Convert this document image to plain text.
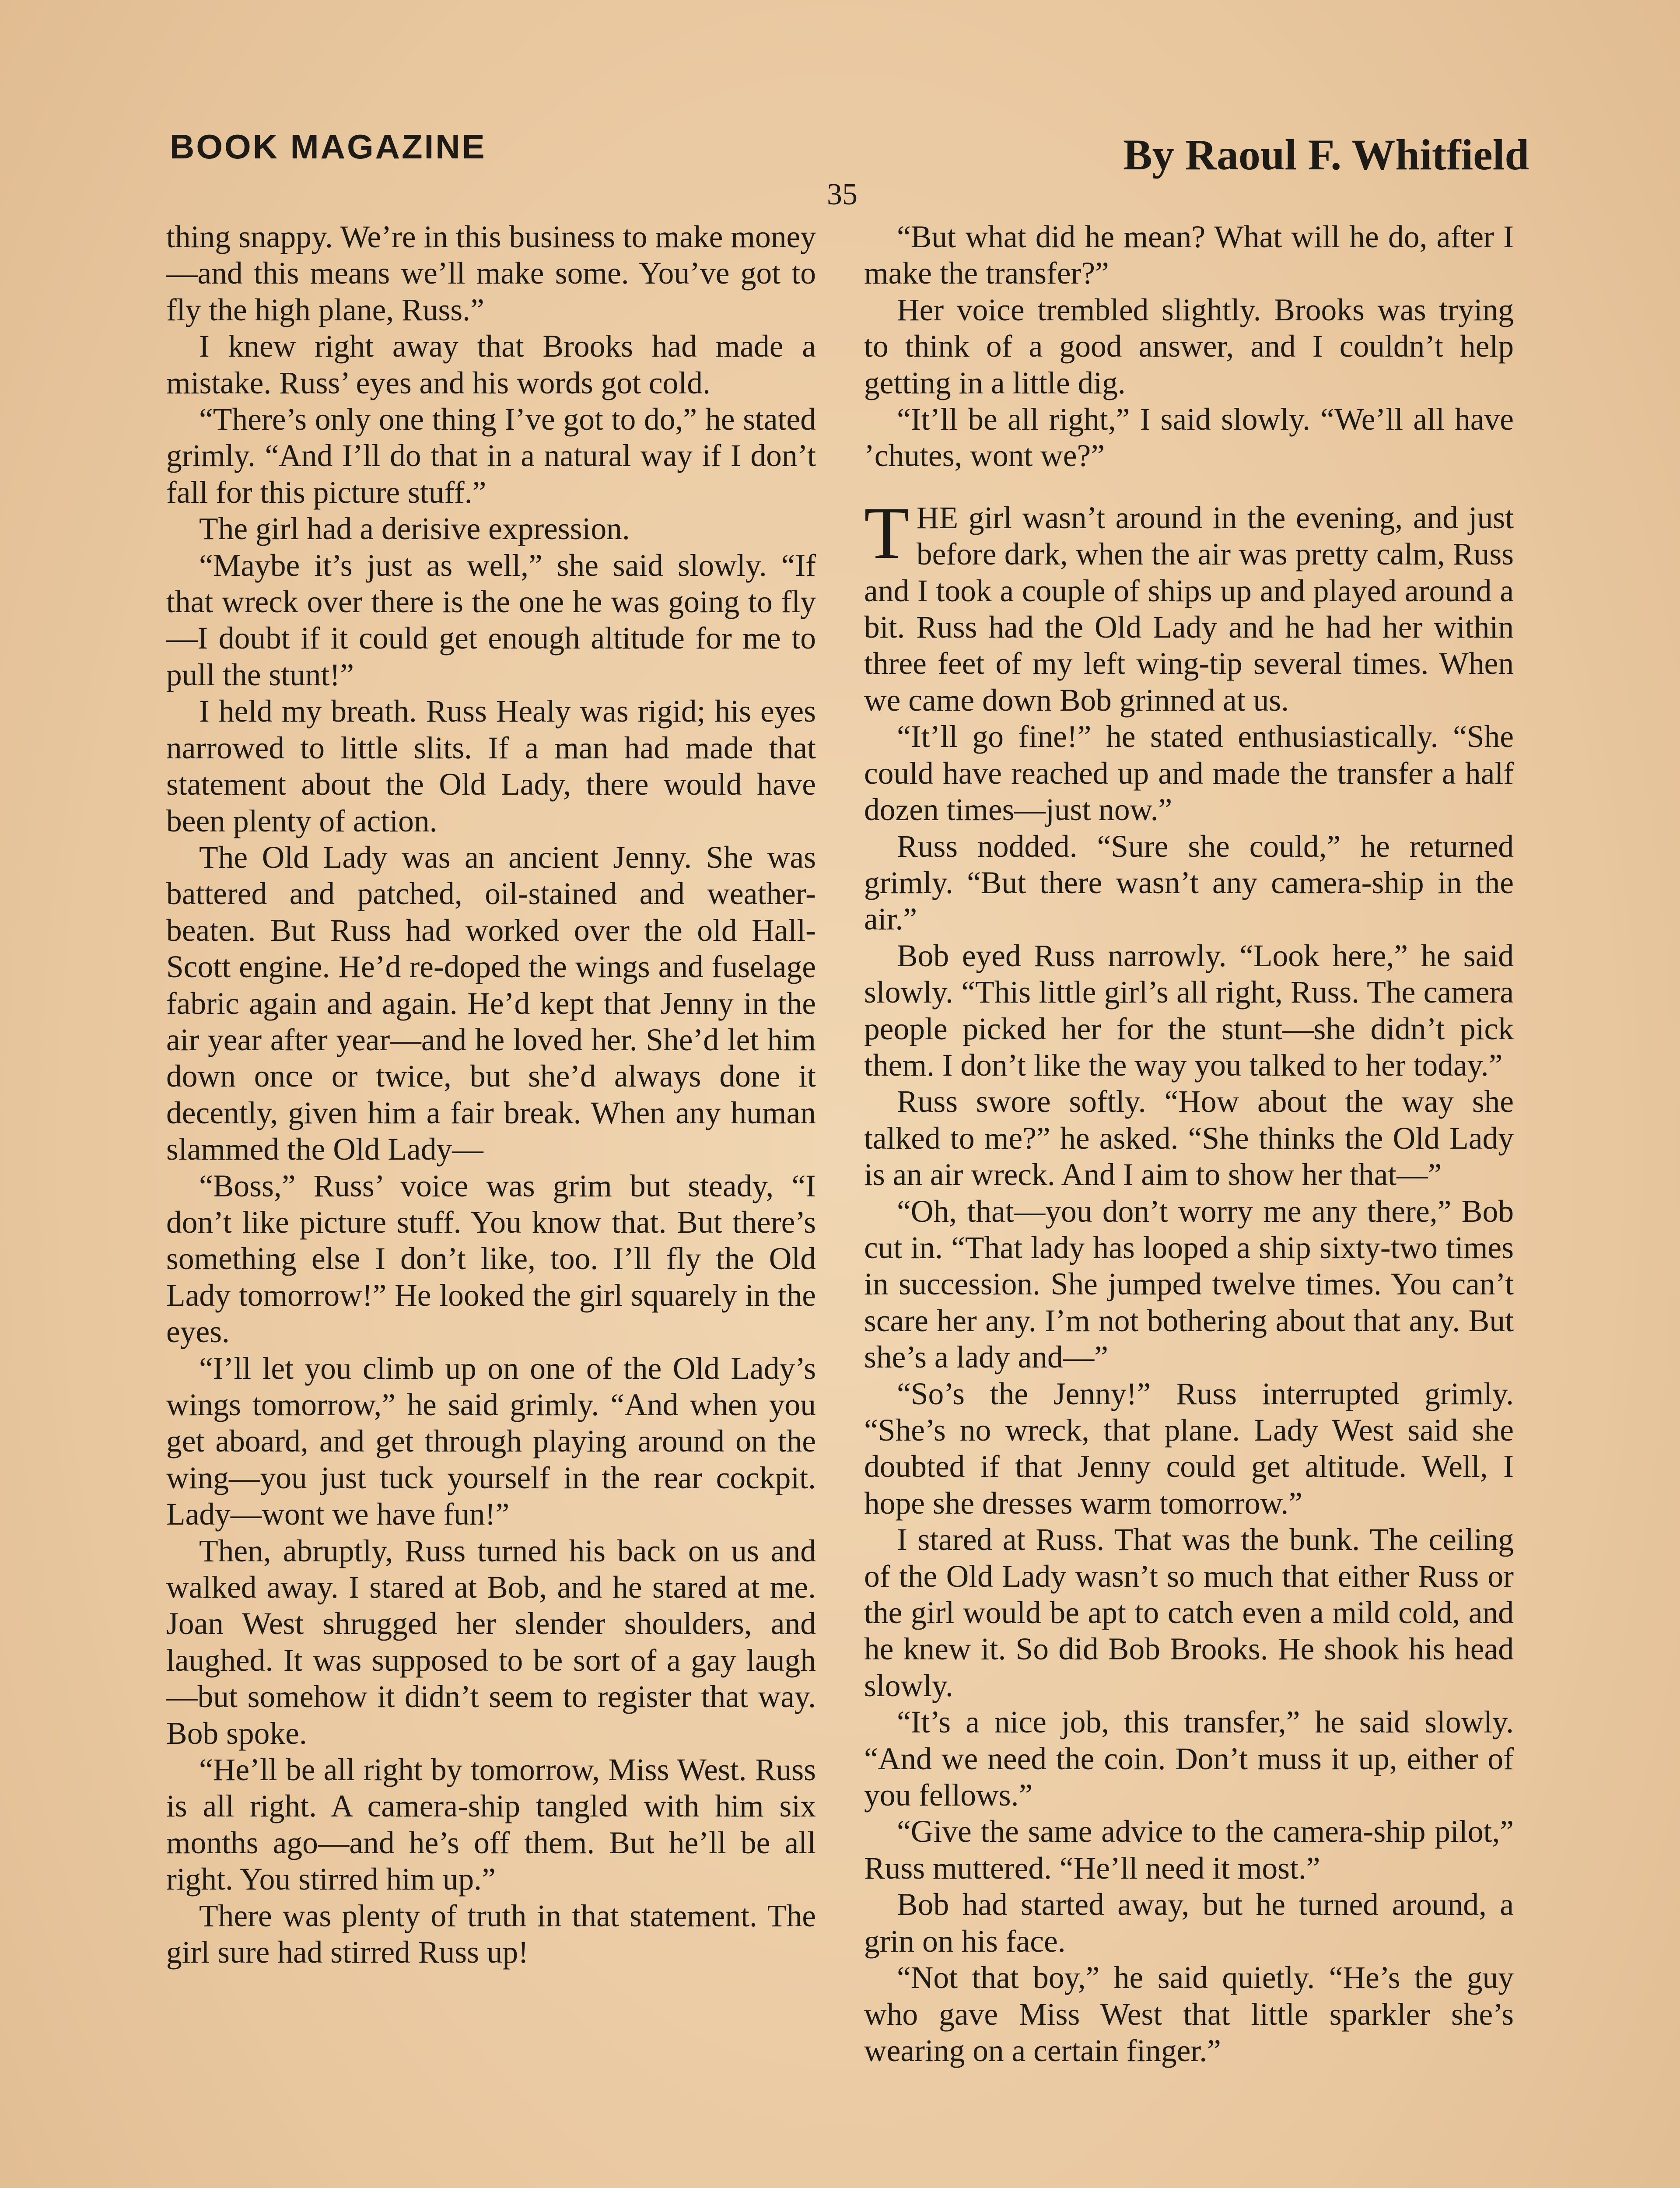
BOOK MAGAZINE	By Raoul F. Whitfield
35

thing snappy. We’re in this business to make money—and this means we’ll make some. You’ve got to fly the high plane, Russ.”

I knew right away that Brooks had made a mistake. Russ’ eyes and his words got cold.

“There’s only one thing I’ve got to do,” he stated grimly. “And I’ll do that in a natural way if I don’t fall for this picture stuff.”

The girl had a derisive expression.

“Maybe it’s just as well,” she said slowly. “If that wreck over there is the one he was going to fly—I doubt if it could get enough altitude for me to pull the stunt!”

I held my breath. Russ Healy was rigid; his eyes narrowed to little slits. If a man had made that statement about the Old Lady, there would have been plenty of action.

The Old Lady was an ancient Jenny. She was battered and patched, oil-stained and weather-beaten. But Russ had worked over the old Hall-Scott engine. He’d re-doped the wings and fuselage fabric again and again. He’d kept that Jenny in the air year after year—and he loved her. She’d let him down once or twice, but she’d always done it decently, given him a fair break. When any human slammed the Old Lady—

“Boss,” Russ’ voice was grim but steady, “I don’t like picture stuff. You know that. But there’s something else I don’t like, too. I’ll fly the Old Lady tomorrow!” He looked the girl squarely in the eyes.

“I’ll let you climb up on one of the Old Lady’s wings tomorrow,” he said grimly. “And when you get aboard, and get through playing around on the wing—you just tuck yourself in the rear cockpit. Lady—wont we have fun!”

Then, abruptly, Russ turned his back on us and walked away. I stared at Bob, and he stared at me. Joan West shrugged her slender shoulders, and laughed. It was supposed to be sort of a gay laugh—but somehow it didn’t seem to register that way. Bob spoke.

“He’ll be all right by tomorrow, Miss West. Russ is all right. A camera-ship tangled with him six months ago—and he’s off them. But he’ll be all right. You stirred him up.”

There was plenty of truth in that statement. The girl sure had stirred Russ up!

“But what did he mean? What will he do, after I make the transfer?”

Her voice trembled slightly. Brooks was trying to think of a good answer, and I couldn’t help getting in a little dig.

“It’ll be all right,” I said slowly. “We’ll all have ’chutes, wont we?”

THE girl wasn’t around in the evening, and just before dark, when the air was pretty calm, Russ and I took a couple of ships up and played around a bit. Russ had the Old Lady and he had her within three feet of my left wing-tip several times. When we came down Bob grinned at us.

“It’ll go fine!” he stated enthusiastically. “She could have reached up and made the transfer a half dozen times—just now.”

Russ nodded. “Sure she could,” he returned grimly. “But there wasn’t any camera-ship in the air.”

Bob eyed Russ narrowly. “Look here,” he said slowly. “This little girl’s all right, Russ. The camera people picked her for the stunt—she didn’t pick them. I don’t like the way you talked to her today.”

Russ swore softly. “How about the way she talked to me?” he asked. “She thinks the Old Lady is an air wreck. And I aim to show her that—”

“Oh, that—you don’t worry me any there,” Bob cut in. “That lady has looped a ship sixty-two times in succession. She jumped twelve times. You can’t scare her any. I’m not bothering about that any. But she’s a lady and—”

“So’s the Jenny!” Russ interrupted grimly. “She’s no wreck, that plane. Lady West said she doubted if that Jenny could get altitude. Well, I hope she dresses warm tomorrow.”

I stared at Russ. That was the bunk. The ceiling of the Old Lady wasn’t so much that either Russ or the girl would be apt to catch even a mild cold, and he knew it. So did Bob Brooks. He shook his head slowly.

“It’s a nice job, this transfer,” he said slowly. “And we need the coin. Don’t muss it up, either of you fellows.”

“Give the same advice to the camera-ship pilot,” Russ muttered. “He’ll need it most.”

Bob had started away, but he turned around, a grin on his face.

“Not that boy,” he said quietly. “He’s the guy who gave Miss West that little sparkler she’s wearing on a certain finger.”
